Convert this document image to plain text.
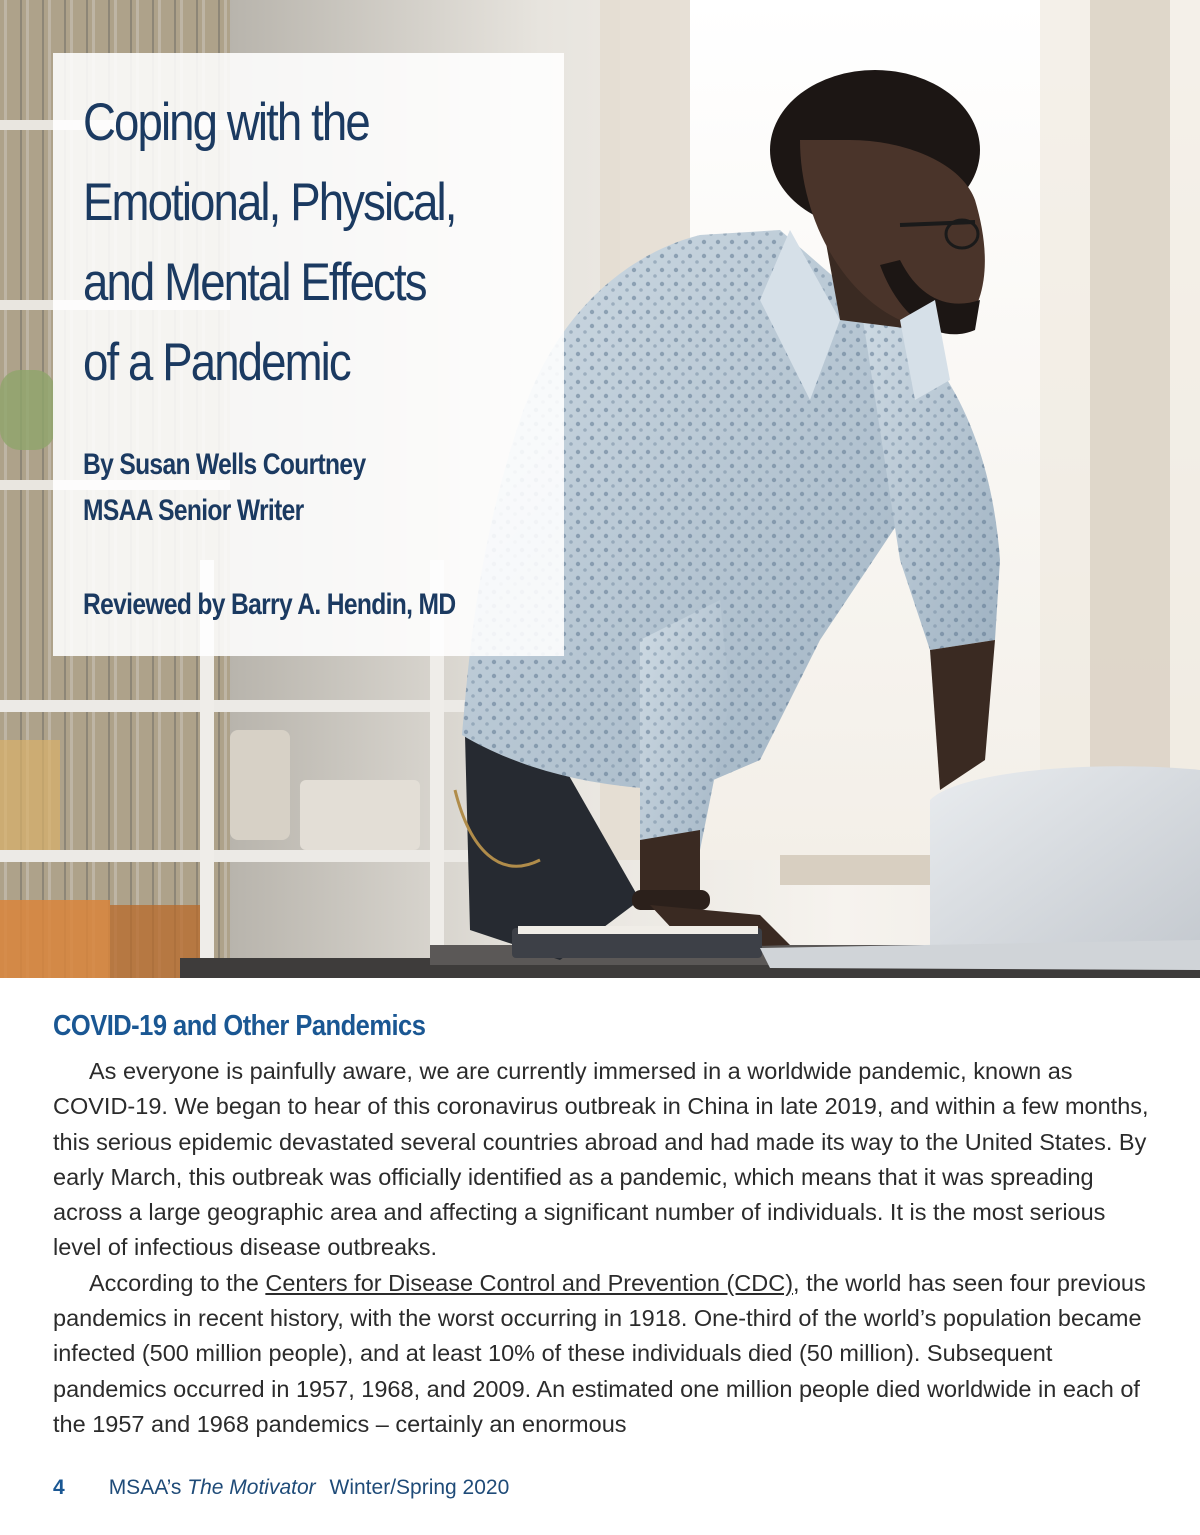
Coping with the
Emotional, Physical,
and Mental Effects
of a Pandemic
By Susan Wells Courtney
MSAA Senior Writer
Reviewed by Barry A. Hendin, MD
COVID-19 and Other Pandemics

As everyone is painfully aware, we are currently immersed in a worldwide pandemic, known as COVID-19. We began to hear of this coronavirus outbreak in China in late 2019, and within a few months, this serious epidemic devastated several countries abroad and had made its way to the United States. By early March, this outbreak was officially identified as a pandemic, which means that it was spreading across a large geographic area and affecting a significant number of individuals. It is the most serious level of infectious disease outbreaks.

According to the Centers for Disease Control and Prevention (CDC), the world has seen four previous pandemics in recent history, with the worst occurring in 1918. One-third of the world’s population became infected (500 million people), and at least 10% of these individuals died (50 million). Subsequent pandemics occurred in 1957, 1968, and 2009. An estimated one million people died worldwide in each of the 1957 and 1968 pandemics – certainly an enormous

4 MSAA’s The Motivator Winter/Spring 2020
